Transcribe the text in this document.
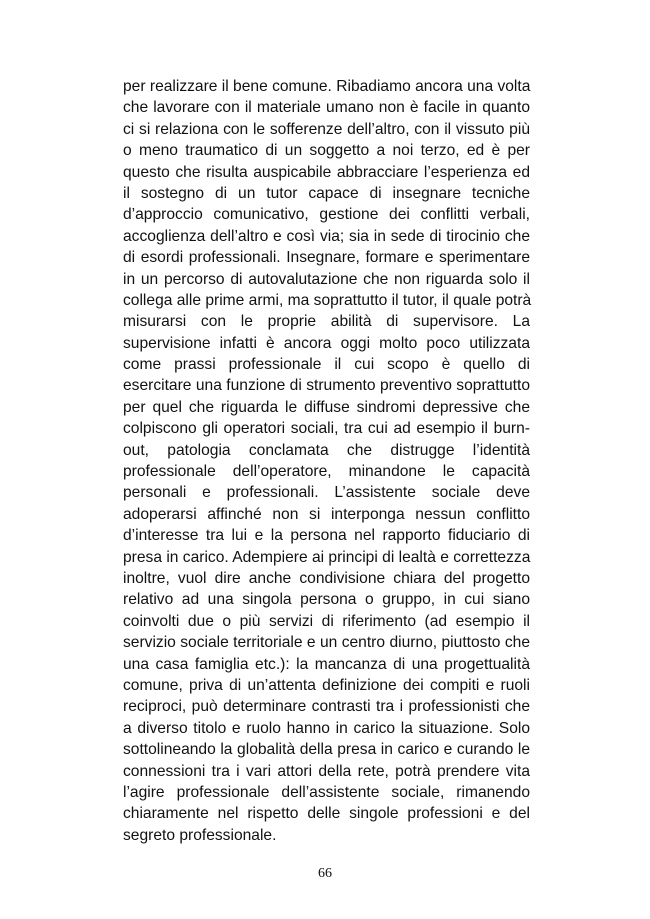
per realizzare il bene comune. Ribadiamo ancora una volta
che lavorare con il materiale umano non è facile in quanto
ci si relaziona con le sofferenze dell’altro, con il vissuto più
o meno traumatico di un soggetto a noi terzo, ed è per
questo che risulta auspicabile abbracciare l’esperienza ed
il sostegno di un tutor capace di insegnare tecniche
d’approccio comunicativo, gestione dei conflitti verbali,
accoglienza dell’altro e così via; sia in sede di tirocinio che
di esordi professionali. Insegnare, formare e sperimentare
in un percorso di autovalutazione che non riguarda solo il
collega alle prime armi, ma soprattutto il tutor, il quale potrà
misurarsi con le proprie abilità di supervisore. La
supervisione infatti è ancora oggi molto poco utilizzata
come prassi professionale il cui scopo è quello di
esercitare una funzione di strumento preventivo soprattutto
per quel che riguarda le diffuse sindromi depressive che
colpiscono gli operatori sociali, tra cui ad esempio il burn-
out, patologia conclamata che distrugge l’identità
professionale dell’operatore, minandone le capacità
personali e professionali. L’assistente sociale deve
adoperarsi affinché non si interponga nessun conflitto
d’interesse tra lui e la persona nel rapporto fiduciario di
presa in carico. Adempiere ai principi di lealtà e correttezza
inoltre, vuol dire anche condivisione chiara del progetto
relativo ad una singola persona o gruppo, in cui siano
coinvolti due o più servizi di riferimento (ad esempio il
servizio sociale territoriale e un centro diurno, piuttosto che
una casa famiglia etc.): la mancanza di una progettualità
comune, priva di un’attenta definizione dei compiti e ruoli
reciproci, può determinare contrasti tra i professionisti che
a diverso titolo e ruolo hanno in carico la situazione. Solo
sottolineando la globalità della presa in carico e curando le
connessioni tra i vari attori della rete, potrà prendere vita
l’agire professionale dell’assistente sociale, rimanendo
chiaramente nel rispetto delle singole professioni e del
segreto professionale.
66
